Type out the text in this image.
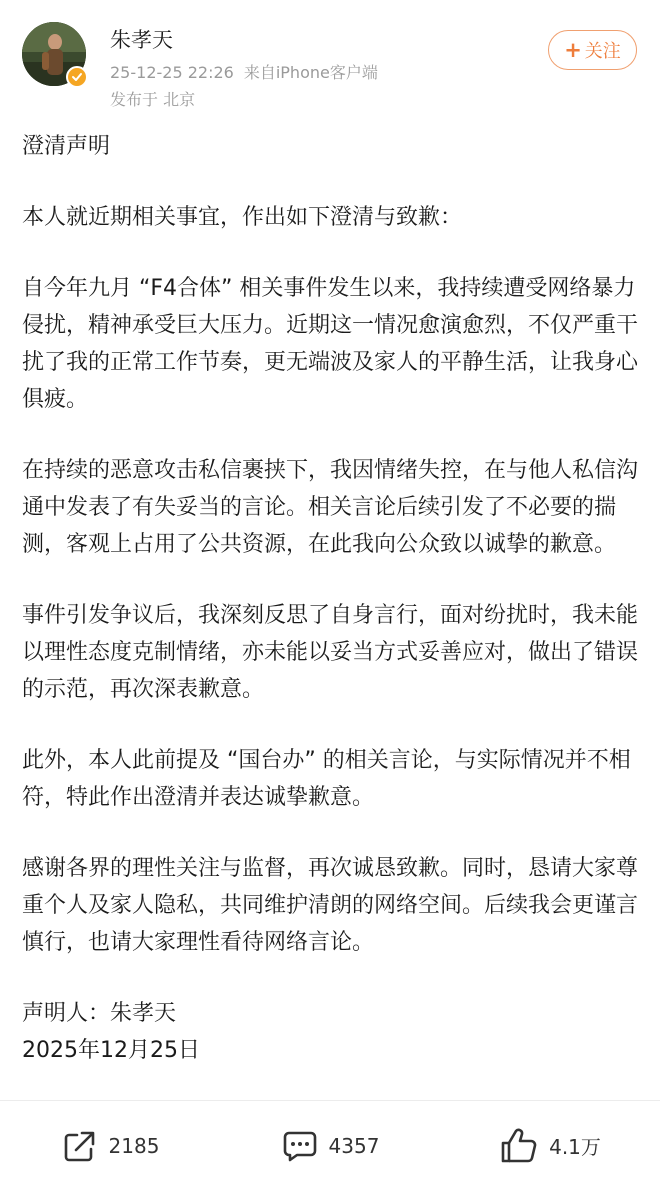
朱孝天
25-12-25 22:26 来自iPhone客户端
发布于 北京
+ 关注
澄清声明
本人就近期相关事宜，作出如下澄清与致歉：
自今年九月 “F4合体” 相关事件发生以来，我持续遭受网络暴力侵扰，精神承受巨大压力。近期这一情况愈演愈烈，不仅严重干扰了我的正常工作节奏，更无端波及家人的平静生活，让我身心俱疲。
在持续的恶意攻击私信裹挟下，我因情绪失控，在与他人私信沟通中发表了有失妥当的言论。相关言论后续引发了不必要的揣测，客观上占用了公共资源，在此我向公众致以诚挚的歉意。
事件引发争议后，我深刻反思了自身言行，面对纷扰时，我未能以理性态度克制情绪，亦未能以妥当方式妥善应对，做出了错误的示范，再次深表歉意。
此外，本人此前提及 “国台办” 的相关言论，与实际情况并不相符，特此作出澄清并表达诚挚歉意。
感谢各界的理性关注与监督，再次诚恳致歉。同时，恳请大家尊重个人及家人隐私，共同维护清朗的网络空间。后续我会更谨言慎行，也请大家理性看待网络言论。
声明人：朱孝天
2025年12月25日
2185	4357	4.1万
